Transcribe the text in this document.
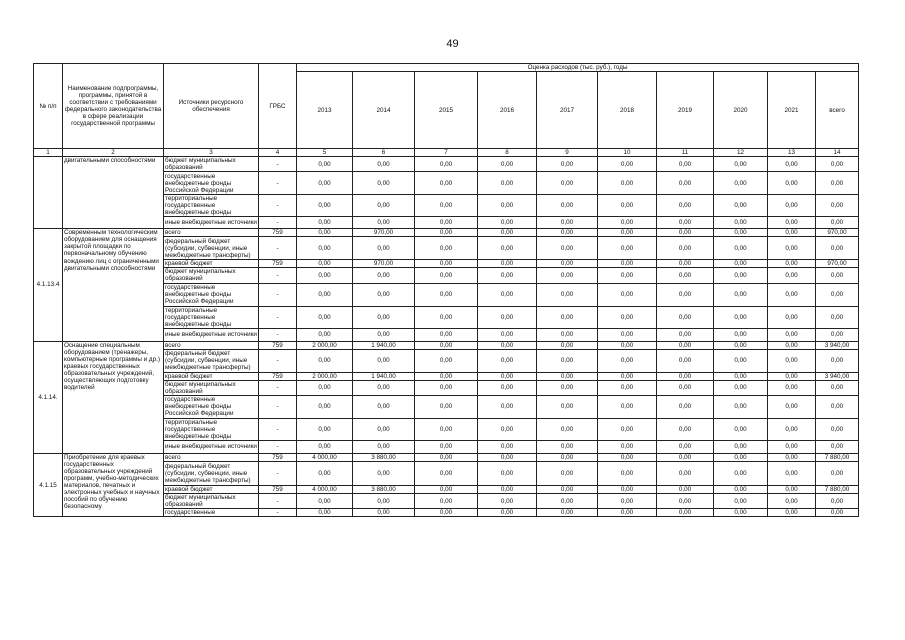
49
№ п/п	Наименование подпрограммы, программы, принятой в соответствии с требованиями федерального законодательства в сфере реализации государственной программы	Источники ресурсного обеспечения	ГРБС	Оценка расходов (тыс. руб.), годы									
				2013	2014	2015	2016	2017	2018	2019	2020	2021	всего
1	2	3	4	5	6	7	8	9	10	11	12	13	14
	двигательными способностями	бюджет муниципальных образований	-	0,00	0,00	0,00	0,00	0,00	0,00	0,00	0,00	0,00	0,00
		государственные внебюджетные фонды Российской Федерации	-	0,00	0,00	0,00	0,00	0,00	0,00	0,00	0,00	0,00	0,00
		территориальные государственные внебюджетные фонды	-	0,00	0,00	0,00	0,00	0,00	0,00	0,00	0,00	0,00	0,00
		иные внебюджетные источники	-	0,00	0,00	0,00	0,00	0,00	0,00	0,00	0,00	0,00	0,00
4.1.13.4	Современным технологическим оборудованием для оснащения закрытой площадки по первоначальному обучению вождению лиц с ограниченными двигательными способностями	всего	759	0,00	970,00	0,00	0,00	0,00	0,00	0,00	0,00	0,00	970,00
		федеральный бюджет (субсидии, субвенции, иные межбюджетные трансферты)	-	0,00	0,00	0,00	0,00	0,00	0,00	0,00	0,00	0,00	0,00
		краевой бюджет	759	0,00	970,00	0,00	0,00	0,00	0,00	0,00	0,00	0,00	970,00
		бюджет муниципальных образований	-	0,00	0,00	0,00	0,00	0,00	0,00	0,00	0,00	0,00	0,00
		государственные внебюджетные фонды Российской Федерации	-	0,00	0,00	0,00	0,00	0,00	0,00	0,00	0,00	0,00	0,00
		территориальные государственные внебюджетные фонды	-	0,00	0,00	0,00	0,00	0,00	0,00	0,00	0,00	0,00	0,00
		иные внебюджетные источники	-	0,00	0,00	0,00	0,00	0,00	0,00	0,00	0,00	0,00	0,00
4.1.14.	Оснащение специальным оборудованием (тренажеры, компьютерные программы и др.) краевых государственных образовательных учреждений, осуществляющих подготовку водителей	всего	759	2 000,00	1 940,00	0,00	0,00	0,00	0,00	0,00	0,00	0,00	3 940,00
		федеральный бюджет (субсидии, субвенции, иные межбюджетные трансферты)	-	0,00	0,00	0,00	0,00	0,00	0,00	0,00	0,00	0,00	0,00
		краевой бюджет	759	2 000,00	1 940,00	0,00	0,00	0,00	0,00	0,00	0,00	0,00	3 940,00
		бюджет муниципальных образований	-	0,00	0,00	0,00	0,00	0,00	0,00	0,00	0,00	0,00	0,00
		государственные внебюджетные фонды Российской Федерации	-	0,00	0,00	0,00	0,00	0,00	0,00	0,00	0,00	0,00	0,00
		территориальные государственные внебюджетные фонды	-	0,00	0,00	0,00	0,00	0,00	0,00	0,00	0,00	0,00	0,00
		иные внебюджетные источники	-	0,00	0,00	0,00	0,00	0,00	0,00	0,00	0,00	0,00	0,00
4.1.15	Приобретение для краевых государственных образовательных учреждений программ, учебно-методических материалов, печатных и электронных учебных и научных пособий по обучению безопасному	всего	759	4 000,00	3 880,00	0,00	0,00	0,00	0,00	0,00	0,00	0,00	7 880,00
		федеральный бюджет (субсидии, субвенции, иные межбюджетные трансферты)	-	0,00	0,00	0,00	0,00	0,00	0,00	0,00	0,00	0,00	0,00
		краевой бюджет	759	4 000,00	3 880,00	0,00	0,00	0,00	0,00	0,00	0,00	0,00	7 880,00
		бюджет муниципальных образований	-	0,00	0,00	0,00	0,00	0,00	0,00	0,00	0,00	0,00	0,00
		государственные	-	0,00	0,00	0,00	0,00	0,00	0,00	0,00	0,00	0,00	0,00
